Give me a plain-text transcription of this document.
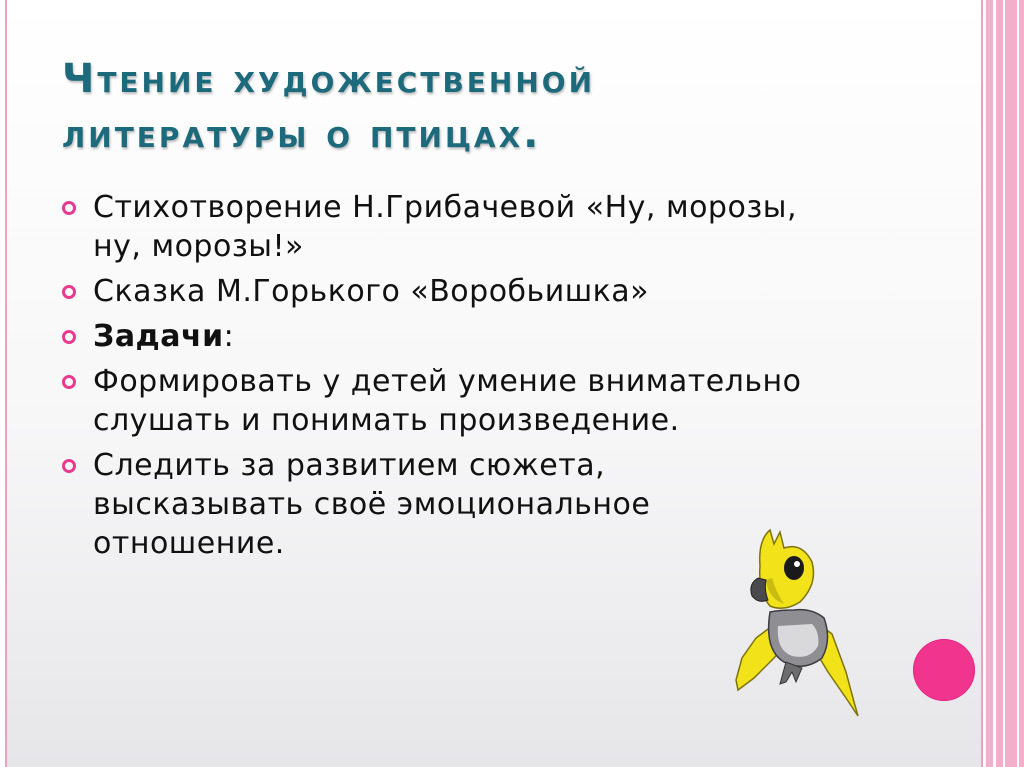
Чтение художественной
литературы о птицах.
Стихотворение Н.Грибачевой «Ну, морозы,
ну, морозы!»
Сказка М.Горького «Воробьишка»
Задачи:
Формировать у детей умение внимательно
слушать и понимать произведение.
Следить за развитием сюжета,
высказывать своё эмоциональное
отношение.
